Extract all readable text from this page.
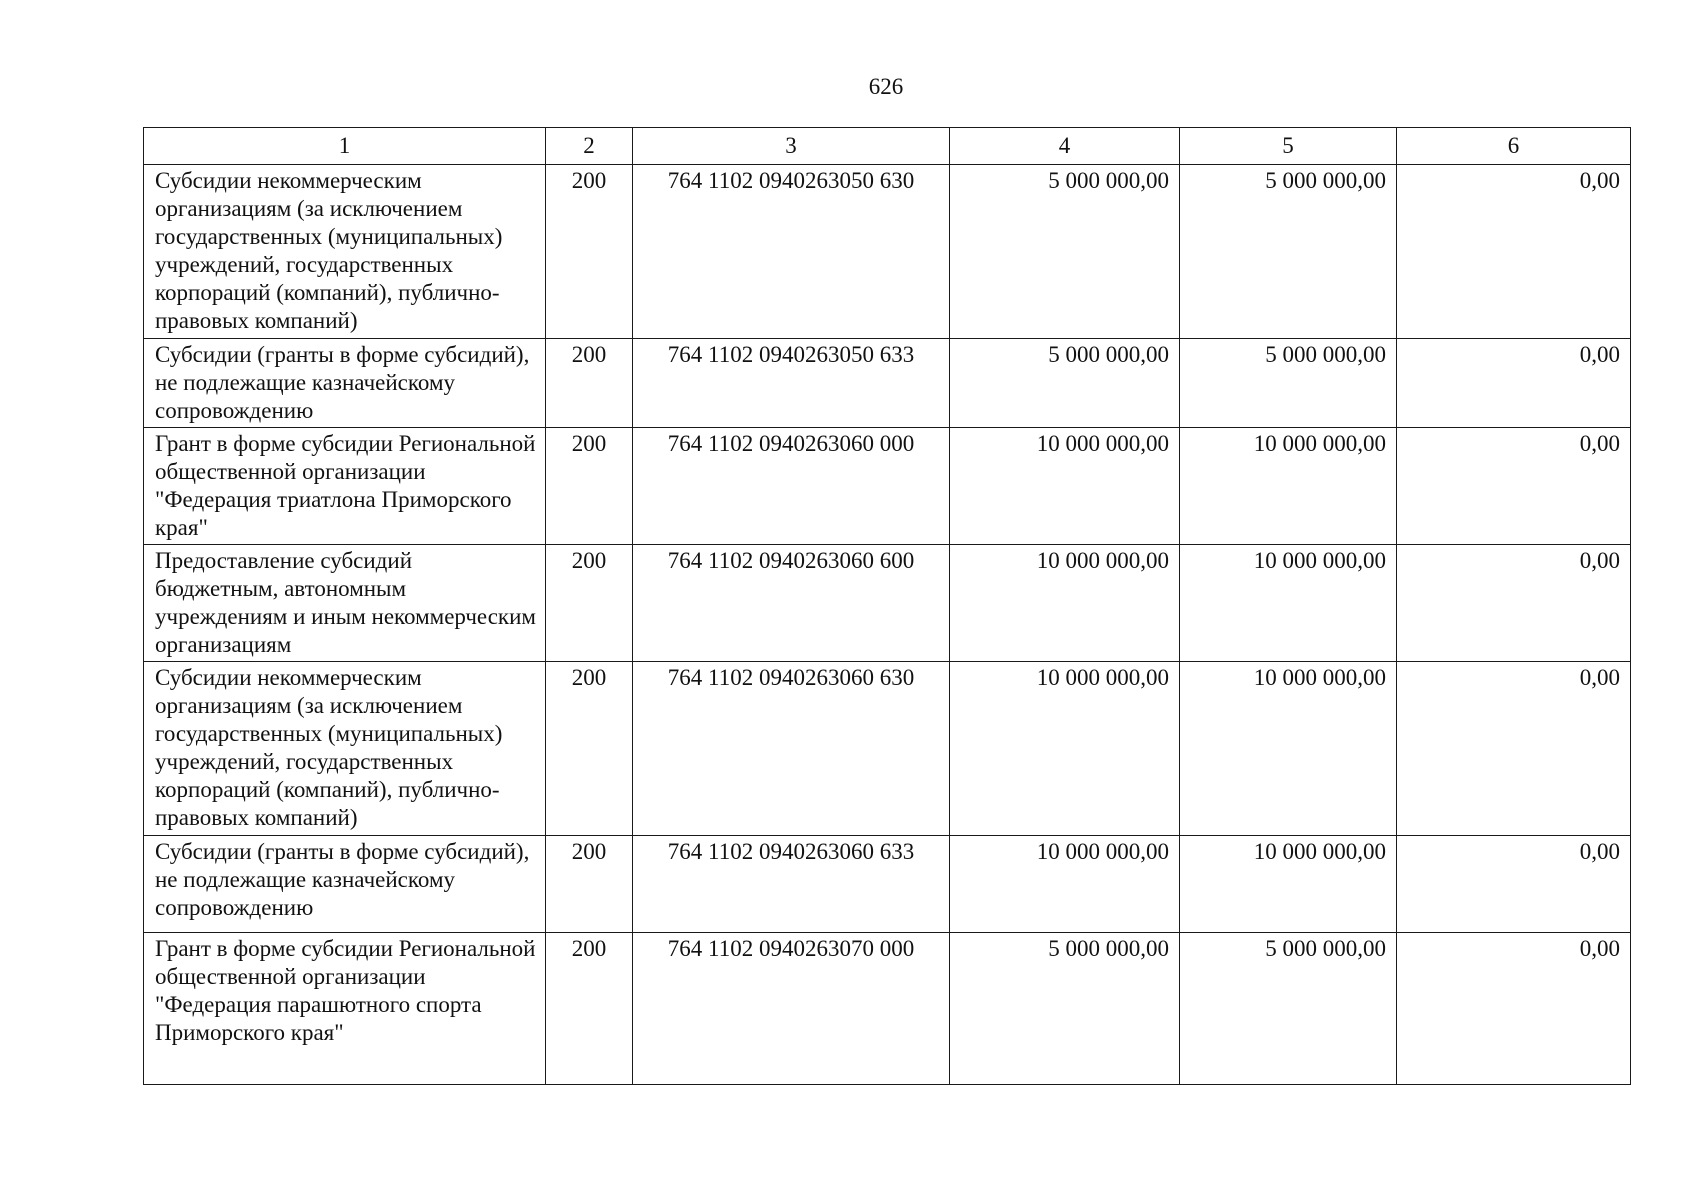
626
1	2	3	4	5	6
Субсидии некоммерческим организациям (за исключением государственных (муниципальных) учреждений, государственных корпораций (компаний), публично-правовых компаний)	200	764 1102 0940263050 630	5 000 000,00	5 000 000,00	0,00
Субсидии (гранты в форме субсидий), не подлежащие казначейскому сопровождению	200	764 1102 0940263050 633	5 000 000,00	5 000 000,00	0,00
Грант в форме субсидии Региональной общественной организации "Федерация триатлона Приморского края"	200	764 1102 0940263060 000	10 000 000,00	10 000 000,00	0,00
Предоставление субсидий бюджетным, автономным учреждениям и иным некоммерческим организациям	200	764 1102 0940263060 600	10 000 000,00	10 000 000,00	0,00
Субсидии некоммерческим организациям (за исключением государственных (муниципальных) учреждений, государственных корпораций (компаний), публично-правовых компаний)	200	764 1102 0940263060 630	10 000 000,00	10 000 000,00	0,00
Субсидии (гранты в форме субсидий), не подлежащие казначейскому сопровождению	200	764 1102 0940263060 633	10 000 000,00	10 000 000,00	0,00
Грант в форме субсидии Региональной общественной организации "Федерация парашютного спорта Приморского края"	200	764 1102 0940263070 000	5 000 000,00	5 000 000,00	0,00
